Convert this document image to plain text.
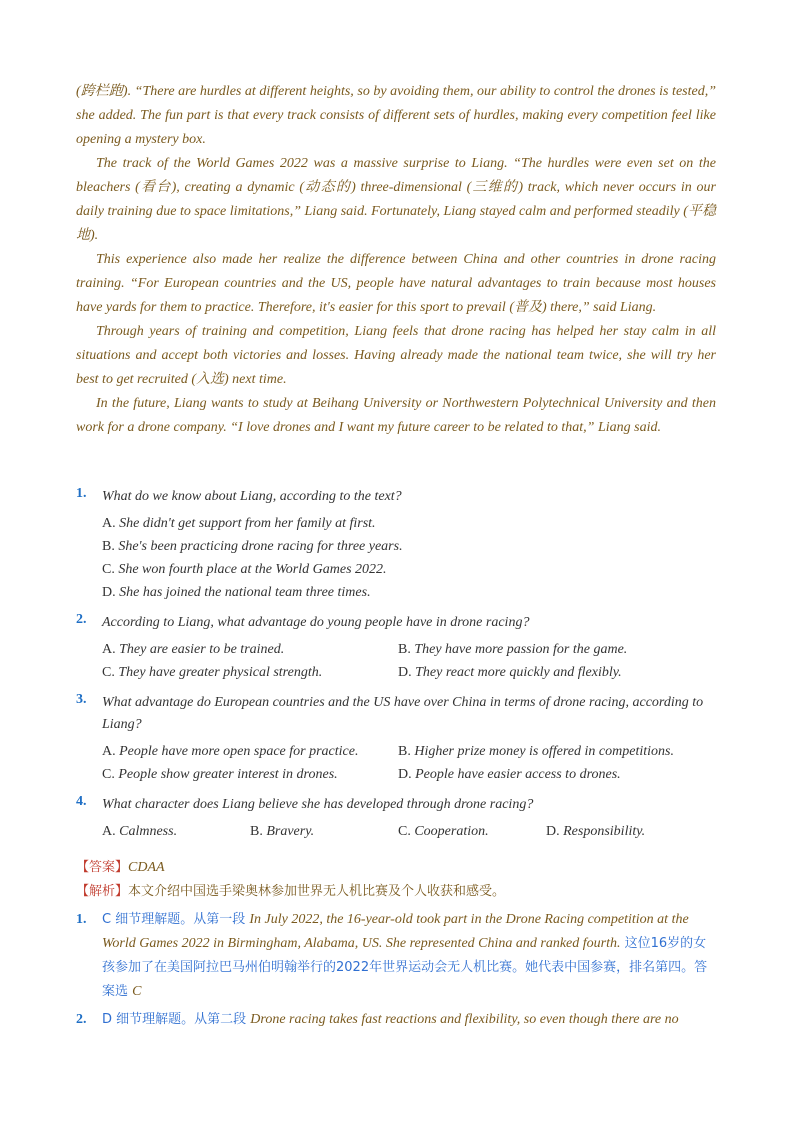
(跨栏跑). “There are hurdles at different heights, so by avoiding them, our ability to control the drones is tested,” she added. The fun part is that every track consists of different sets of hurdles, making every competition feel like opening a mystery box.

The track of the World Games 2022 was a massive surprise to Liang. “The hurdles were even set on the bleachers (看台), creating a dynamic (动态的) three-dimensional (三维的) track, which never occurs in our daily training due to space limitations,” Liang said. Fortunately, Liang stayed calm and performed steadily (平稳地).

This experience also made her realize the difference between China and other countries in drone racing training. “For European countries and the US, people have natural advantages to train because most houses have yards for them to practice. Therefore, it's easier for this sport to prevail (普及) there,” said Liang.

Through years of training and competition, Liang feels that drone racing has helped her stay calm in all situations and accept both victories and losses. Having already made the national team twice, she will try her best to get recruited (入选) next time.

In the future, Liang wants to study at Beihang University or Northwestern Polytechnical University and then work for a drone company. “I love drones and I want my future career to be related to that,” Liang said.

1.	What do we know about Liang, according to the text?
A. She didn't get support from her family at first.
B. She's been practicing drone racing for three years.
C. She won fourth place at the World Games 2022.
D. She has joined the national team three times.
2.	According to Liang, what advantage do young people have in drone racing?
A. They are easier to be trained.	B. They have more passion for the game.
C. They have greater physical strength.	D. They react more quickly and flexibly.
3.	What advantage do European countries and the US have over China in terms of drone racing, according to Liang?
A. People have more open space for practice.	B. Higher prize money is offered in competitions.
C. People show greater interest in drones.	D. People have easier access to drones.
4.	What character does Liang believe she has developed through drone racing?
A. Calmness.	B. Bravery.	C. Cooperation.	D. Responsibility.
【答案】CDAA
【解析】本文介绍中国选手梁奥林参加世界无人机比赛及个人收获和感受。
1.	C 细节理解题。从第一段 In July 2022, the 16-year-old took part in the Drone Racing competition at the World Games 2022 in Birmingham, Alabama, US. She represented China and ranked fourth. 这位16岁的女孩参加了在美国阿拉巴马州伯明翰举行的2022年世界运动会无人机比赛。她代表中国参赛，排名第四。答案选 C
2.	D 细节理解题。从第二段 Drone racing takes fast reactions and flexibility, so even though there are no
